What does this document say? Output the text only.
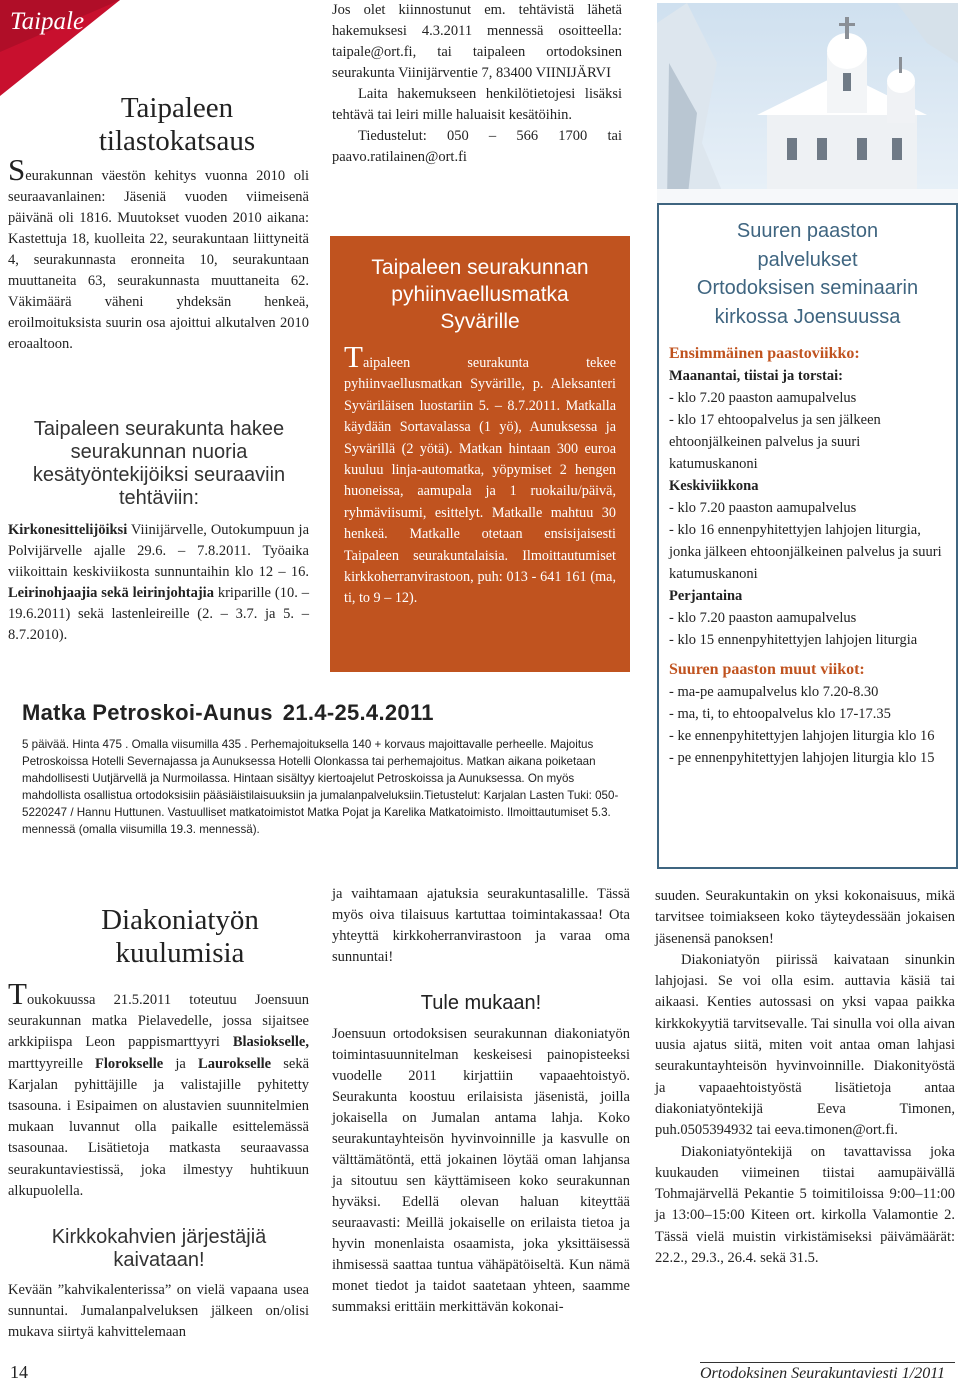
Taipale
Taipaleen
tilastokatsaus

Seurakunnan väestön kehitys vuonna 2010 oli seuraavanlainen: Jäseniä vuoden viimeisenä päivänä oli 1816. Muutokset vuoden 2010 aikana: Kastettuja 18, kuolleita 22, seurakuntaan liittyneitä 4, seurakunnasta eronneita 10, seurakuntaan muuttaneita 63, seurakunnasta muuttaneita 62. Väkimäärä väheni yhdeksän henkeä, eroilmoituksista suurin osa ajoittui alkutalven 2010 eroaaltoon.

Taipaleen seurakunta hakee seurakunnan nuoria kesätyöntekijöiksi seuraaviin tehtäviin:

Kirkonesittelijöiksi Viinijärvelle, Outokumpuun ja Polvijärvelle ajalle 29.6. – 7.8.2011. Työaika viikoittain keskiviikosta sunnuntaihin klo 12 – 16. Leirinohjaajia sekä leirinjohtajia kriparille (10. – 19.6.2011) sekä lastenleireille (2. – 3.7. ja 5. – 8.7.2010).

Jos olet kiinnostunut em. tehtävistä lähetä hakemuksesi 4.3.2011 mennessä osoitteella: taipale@ort.fi, tai taipaleen ortodoksinen seurakunta Viinijärventie 7, 83400 VIINIJÄRVI

Laita hakemukseen henkilötietojesi lisäksi tehtävä tai leiri mille haluaisit kesätöihin.

Tiedustelut: 050 – 566 1700 tai paavo.ratilainen@ort.fi

Taipaleen seurakunnan
pyhiinvaellusmatka
Syvärille

Taipaleen seurakunta tekee pyhiinvaellusmatkan Syvärille, p. Aleksanteri Syväriläisen luostariin 5. – 8.7.2011. Matkalla käydään Sortavalassa (1 yö), Aunuksessa ja Syvärillä (2 yötä). Matkan hintaan 300 euroa kuuluu linja-automatka, yöpymiset 2 hengen huoneissa, aamupala ja 1 ruokailu/päivä, ryhmäviisumi, esittelyt. Matkalle mahtuu 30 henkeä. Matkalle otetaan ensisijaisesti Taipaleen seurakuntalaisia. Ilmoittautumiset kirkkoherranvirastoon, puh: 013 - 641 161 (ma, ti, to 9 – 12).

Suuren paaston
palvelukset
Ortodoksisen seminaarin
kirkossa Joensuussa
Ensimmäinen paastoviikko:
Maanantai, tiistai ja torstai:
- klo 7.20 paaston aamupalvelus
- klo 17 ehtoopalvelus ja sen jälkeen ehtoonjälkeinen palvelus ja suuri katumuskanoni
Keskiviikkona
- klo 7.20 paaston aamupalvelus
- klo 16 ennenpyhitettyjen lahjojen liturgia, jonka jälkeen ehtoonjälkeinen palvelus ja suuri katumuskanoni
Perjantaina
- klo 7.20 paaston aamupalvelus
- klo 15 ennenpyhitettyjen lahjojen liturgia
Suuren paaston muut viikot:
- ma-pe aamupalvelus klo 7.20-8.30
- ma, ti, to ehtoopalvelus klo 17-17.35
- ke ennenpyhitettyjen lahjojen liturgia klo 16
- pe ennenpyhitettyjen lahjojen liturgia klo 15
Matka Petroskoi-Aunus 21.4-25.4.2011
5 päivää. Hinta 475 . Omalla viisumilla 435 . Perhemajoituksella 140 + korvaus majoittavalle perheelle. Majoitus Petroskoissa Hotelli Severnajassa ja Aunuksessa Hotelli Olonkassa tai perhemajoitus. Matkan aikana poiketaan mahdollisesti Uutjärvellä ja Nurmoilassa. Hintaan sisältyy kiertoajelut Petroskoissa ja Aunuksessa. On myös mahdollista osallistua ortodoksisiin pääsiäistilaisuuksiin ja jumalanpalveluksiin.Tietustelut: Karjalan Lasten Tuki: 050-5220247 / Hannu Huttunen. Vastuulliset matkatoimistot Matka Pojat ja Karelika Matkatoimisto. Ilmoittautumiset 5.3. mennessä (omalla viisumilla 19.3. mennessä).
Diakoniatyön
kuulumisia

Toukokuussa 21.5.2011 toteutuu Joensuun seurakunnan matka Pielavedelle, jossa sijaitsee arkkipiispa Leon pappismarttyyri Blasiokselle, marttyyreille Florokselle ja Laurokselle sekä Karjalan pyhittäjille ja valistajille pyhitetty tsasouna. i Esipaimen on alustavien suunnitelmien mukaan luvannut olla paikalle esittelemässä tsasounaa. Lisätietoja matkasta seuraavassa seurakuntaviestissä, joka ilmestyy huhtikuun alkupuolella.

Kirkkokahvien järjestäjiä kaivataan!

Kevään ”kahvikalenterissa” on vielä vapaana usea sunnuntai. Jumalanpalveluksen jälkeen on/olisi mukava siirtyä kahvittelemaan

ja vaihtamaan ajatuksia seurakuntasalille. Tässä myös oiva tilaisuus kartuttaa toimintakassaa! Ota yhteyttä kirkkoherranvirastoon ja varaa oma sunnuntai!

Tule mukaan!

Joensuun ortodoksisen seurakunnan diakoniatyön toimintasuunnitelman keskeisesi painopisteeksi vuodelle 2011 kirjattiin vapaaehtoistyö. Seurakunta koostuu erilaisista jäsenistä, joilla jokaisella on Jumalan antama lahja. Koko seurakuntayhteisön hyvinvoinnille ja kasvulle on välttämätöntä, että jokainen löytää oman lahjansa ja sitoutuu sen käyttämiseen koko seurakunnan hyväksi. Edellä olevan haluan kiteyttää seuraavasti: Meillä jokaiselle on erilaista tietoa ja hyvin monenlaista osaamista, joka yksittäisessä ihmisessä saattaa tuntua vähäpätöiseltä. Kun nämä monet tiedot ja taidot saatetaan yhteen, saamme summaksi erittäin merkittävän kokonai-

suuden. Seurakuntakin on yksi kokonaisuus, mikä tarvitsee toimiakseen koko täyteydessään jokaisen jäsenensä panoksen!

Diakoniatyön piirissä kaivataan sinunkin lahjojasi. Se voi olla esim. auttavia käsiä tai aikaasi. Kenties autossasi on yksi vapaa paikka kirkkokyytiä tarvitsevalle. Tai sinulla voi olla aivan uusia ajatus siitä, miten voit antaa oman lahjasi seurakuntayhteisön hyvinvoinnille. Diakonityöstä ja vapaaehtoistyöstä lisätietoja antaa diakoniatyöntekijä Eeva Timonen, puh.0505394932 tai eeva.timonen@ort.fi.

Diakoniatyöntekijä on tavattavissa joka kuukauden viimeinen tiistai aamupäivällä Tohmajärvellä Pekantie 5 toimitiloissa 9:00–11:00 ja 13:00–15:00 Kiteen ort. kirkolla Valamontie 2. Tässä vielä muistin virkistämiseksi päivämäärät: 22.2., 29.3., 26.4. sekä 31.5.

14	Ortodoksinen Seurakuntaviesti 1/2011
